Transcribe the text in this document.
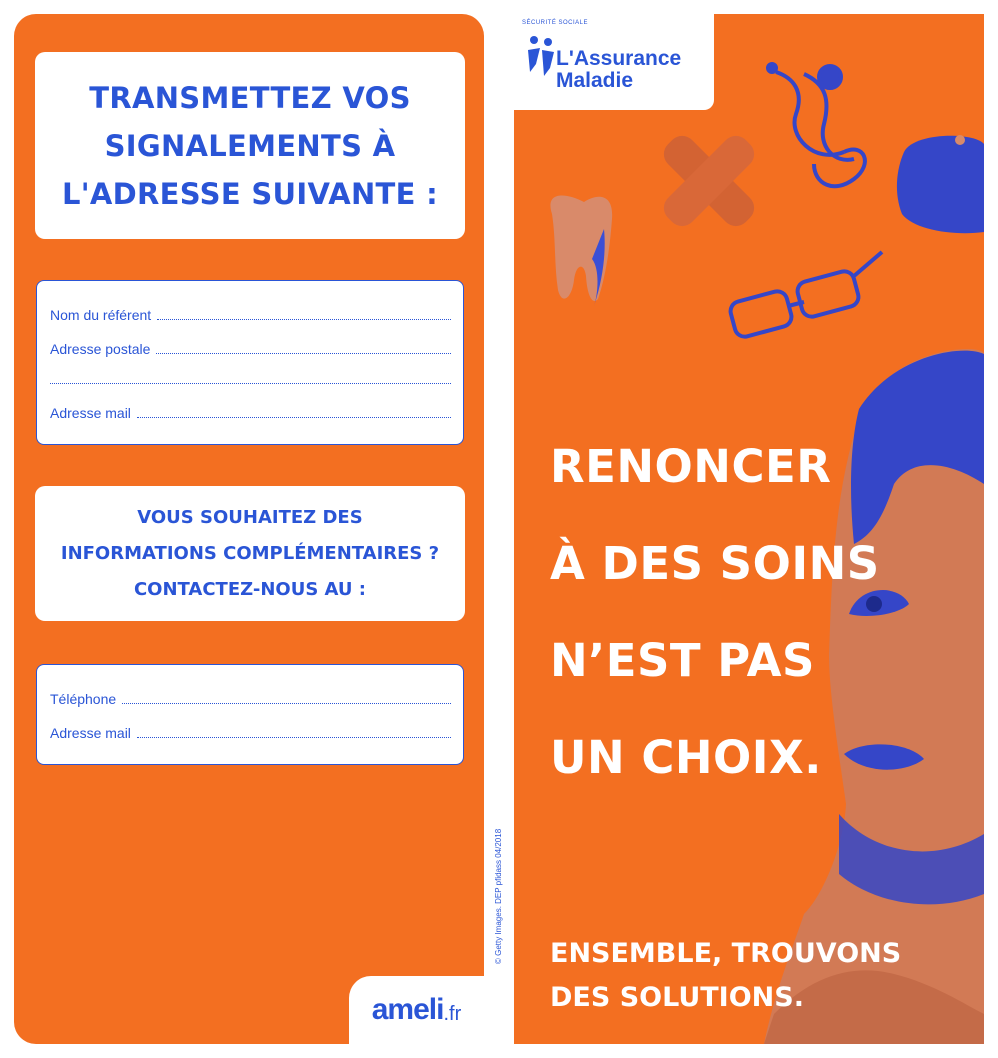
TRANSMETTEZ VOS
SIGNALEMENTS À
L'ADRESSE SUIVANTE :
Nom du référent
Adresse postale
Adresse mail
VOUS SOUHAITEZ DES
INFORMATIONS COMPLÉMENTAIRES ?
CONTACTEZ-NOUS AU :
Téléphone
Adresse mail
ameli .fr
© Getty Images. DEP pfidass 04/2018
SÉCURITÉ SOCIALE
L'Assurance
Maladie
RENONCER
À DES SOINS
N’EST PAS
UN CHOIX.
ENSEMBLE, TROUVONS
DES SOLUTIONS.
